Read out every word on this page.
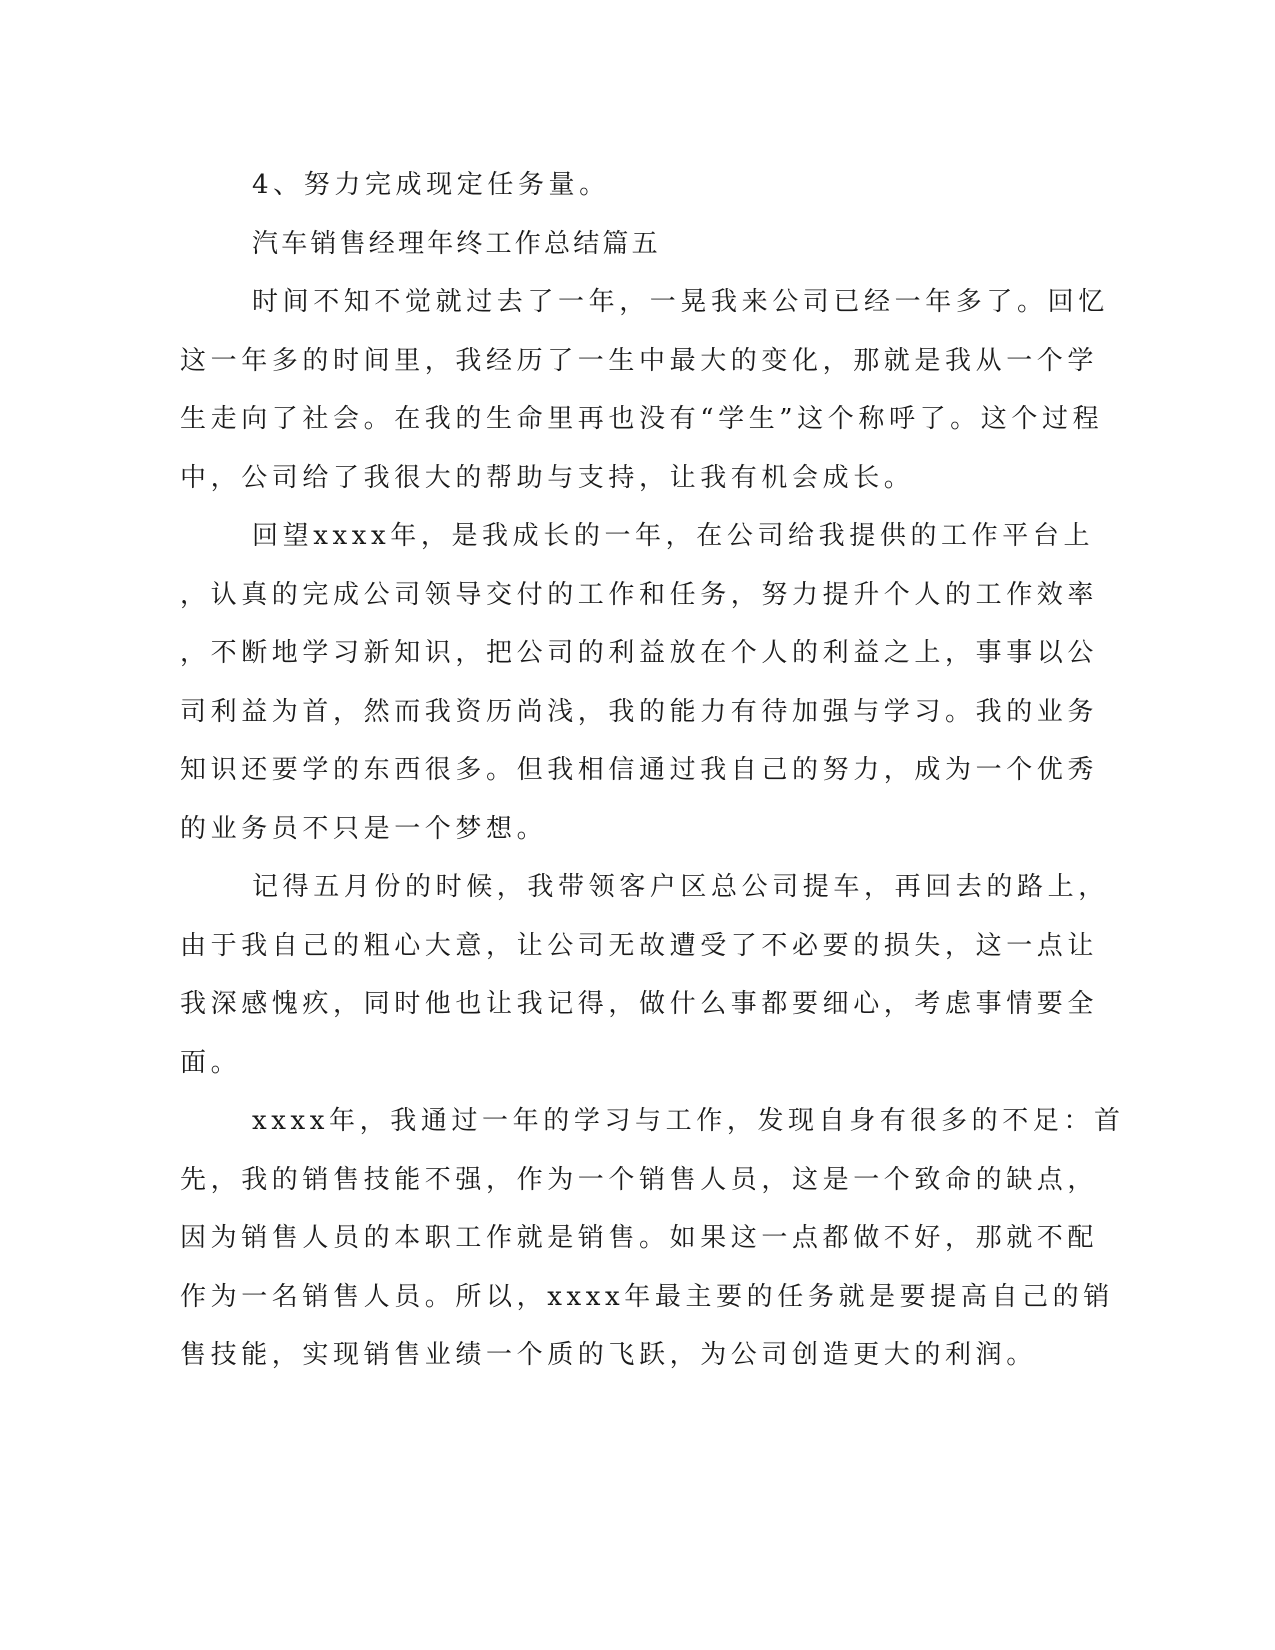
4、努力完成现定任务量。
汽车销售经理年终工作总结篇五
时间不知不觉就过去了一年，一晃我来公司已经一年多了。回忆
这一年多的时间里，我经历了一生中最大的变化，那就是我从一个学
生走向了社会。在我的生命里再也没有“学生”这个称呼了。这个过程
中，公司给了我很大的帮助与支持，让我有机会成长。
回望xxxx年，是我成长的一年，在公司给我提供的工作平台上
，认真的完成公司领导交付的工作和任务，努力提升个人的工作效率
，不断地学习新知识，把公司的利益放在个人的利益之上，事事以公
司利益为首，然而我资历尚浅，我的能力有待加强与学习。我的业务
知识还要学的东西很多。但我相信通过我自己的努力，成为一个优秀
的业务员不只是一个梦想。
记得五月份的时候，我带领客户区总公司提车，再回去的路上，
由于我自己的粗心大意，让公司无故遭受了不必要的损失，这一点让
我深感愧疚，同时他也让我记得，做什么事都要细心，考虑事情要全
面。
xxxx年，我通过一年的学习与工作，发现自身有很多的不足：首
先，我的销售技能不强，作为一个销售人员，这是一个致命的缺点，
因为销售人员的本职工作就是销售。如果这一点都做不好，那就不配
作为一名销售人员。所以，xxxx年最主要的任务就是要提高自己的销
售技能，实现销售业绩一个质的飞跃，为公司创造更大的利润。
